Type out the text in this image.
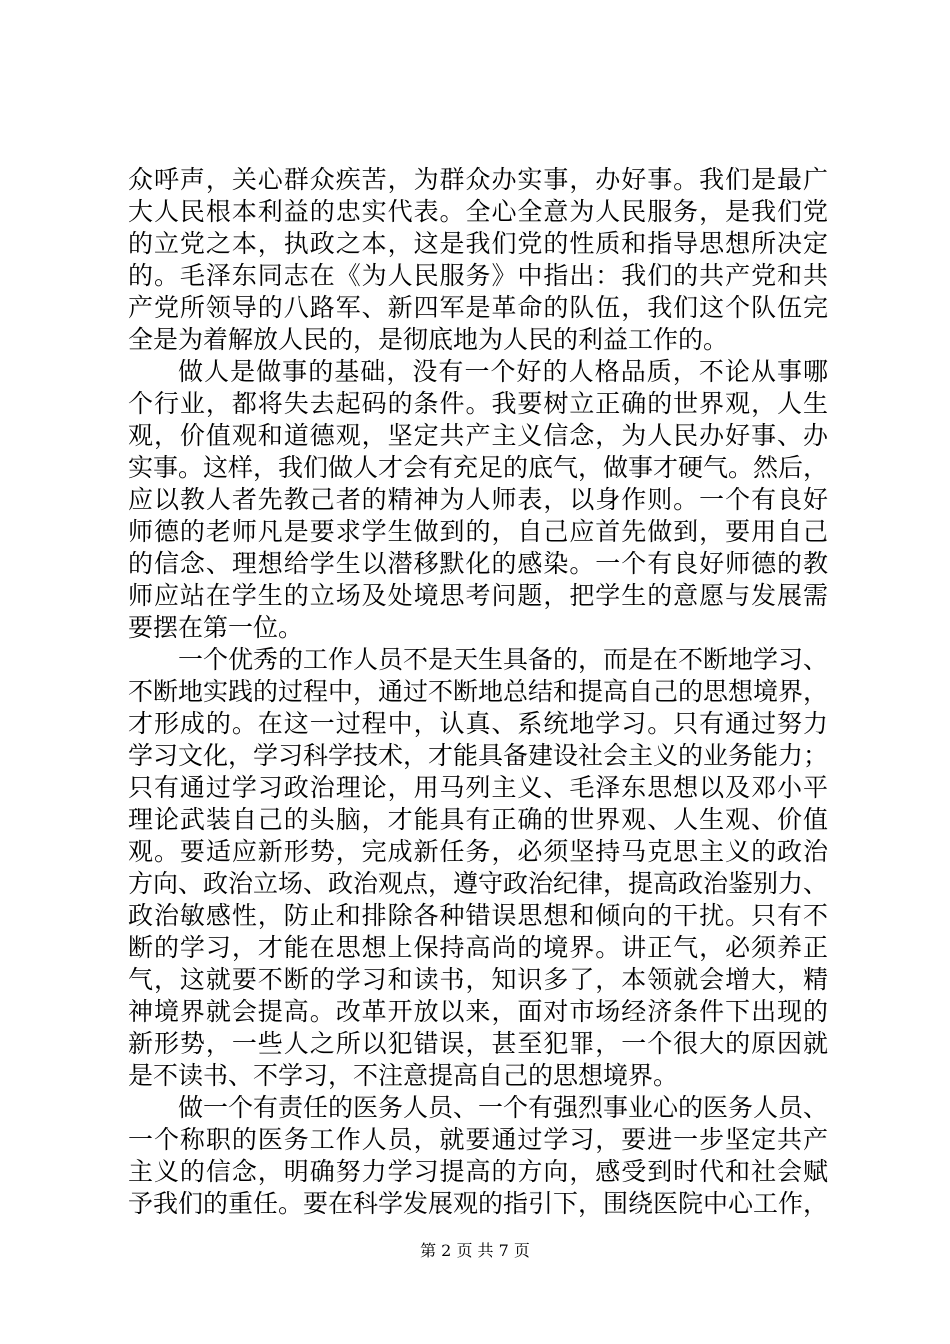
众呼声，关心群众疾苦，为群众办实事，办好事。我们是最广
大人民根本利益的忠实代表。全心全意为人民服务，是我们党
的立党之本，执政之本，这是我们党的性质和指导思想所决定
的。毛泽东同志在《为人民服务》中指出：我们的共产党和共
产党所领导的八路军、新四军是革命的队伍，我们这个队伍完
全是为着解放人民的，是彻底地为人民的利益工作的。
做人是做事的基础，没有一个好的人格品质，不论从事哪
个行业，都将失去起码的条件。我要树立正确的世界观，人生
观，价值观和道德观，坚定共产主义信念，为人民办好事、办
实事。这样，我们做人才会有充足的底气，做事才硬气。然后，
应以教人者先教己者的精神为人师表，以身作则。一个有良好
师德的老师凡是要求学生做到的，自己应首先做到，要用自己
的信念、理想给学生以潜移默化的感染。一个有良好师德的教
师应站在学生的立场及处境思考问题，把学生的意愿与发展需
要摆在第一位。
一个优秀的工作人员不是天生具备的，而是在不断地学习、
不断地实践的过程中，通过不断地总结和提高自己的思想境界，
才形成的。在这一过程中，认真、系统地学习。只有通过努力
学习文化，学习科学技术，才能具备建设社会主义的业务能力；
只有通过学习政治理论，用马列主义、毛泽东思想以及邓小平
理论武装自己的头脑，才能具有正确的世界观、人生观、价值
观。要适应新形势，完成新任务，必须坚持马克思主义的政治
方向、政治立场、政治观点，遵守政治纪律，提高政治鉴别力、
政治敏感性，防止和排除各种错误思想和倾向的干扰。只有不
断的学习，才能在思想上保持高尚的境界。讲正气，必须养正
气，这就要不断的学习和读书，知识多了，本领就会增大，精
神境界就会提高。改革开放以来，面对市场经济条件下出现的
新形势，一些人之所以犯错误，甚至犯罪，一个很大的原因就
是不读书、不学习，不注意提高自己的思想境界。
做一个有责任的医务人员、一个有强烈事业心的医务人员、
一个称职的医务工作人员，就要通过学习，要进一步坚定共产
主义的信念，明确努力学习提高的方向，感受到时代和社会赋
予我们的重任。要在科学发展观的指引下，围绕医院中心工作，
第 2 页 共 7 页
